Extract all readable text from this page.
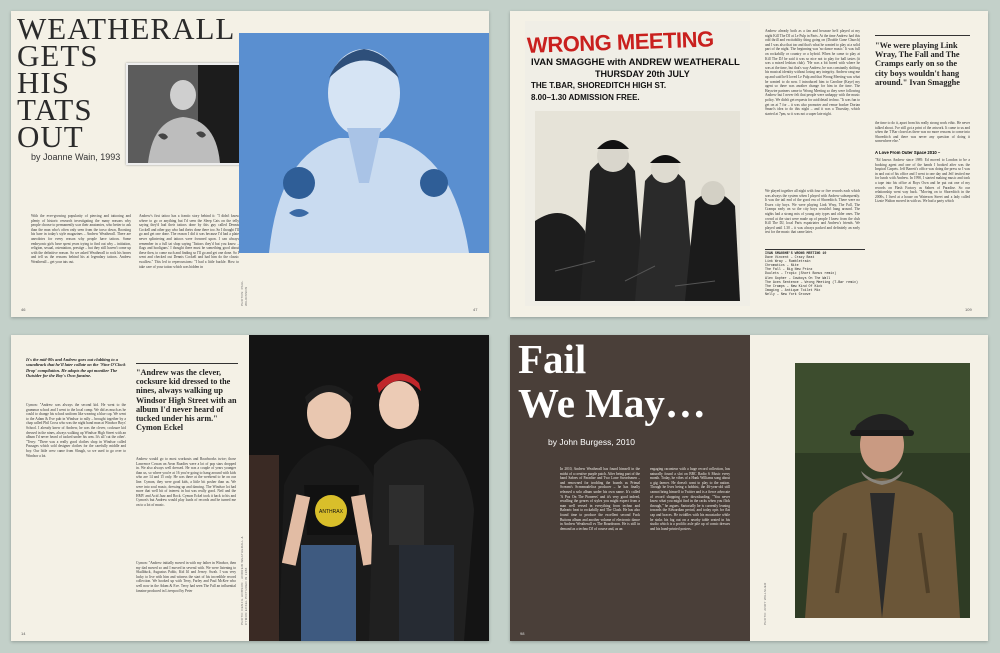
WEATHERALL
GETS
HIS
TATS
OUT
by Joanne Wain, 1993
With the ever-growing popularity of piercing and tattooing and plenty of historic research investigating the many reasons why people choose to permanently scar their anatomies, who better to ask than the man who's often only seen from the torso down, Roosting his bare in today's style magazines – Andrew Weatherall. There are anecdotes for every reason why people have tattoos. Some embryonic girls have spent years trying to find out why – initiation, religion, sexual, ostentation, prestige – but they still haven't come up with the definitive reason. So we asked Weatherall to rock his bones and tell us the reasons behind his at legendary tattoos. Andrew Weatherall – get your tats out.
Andrew's first tattoo has a frantic story behind it: "I didn't know where to go or anything but I'd seen the Sleep Cats on the telly saying they'd had their tattoos done by this guy called Dennis Cockell and other guy who had theirs done there too. So I thought I'll go and get one done. The reason I did it was because I'd had a plate never splintering and tattoos were frowned upon. I can always remember in a full tat shop saying 'Tattoos they'd but you know – flags and hooligans.' I thought there must be something good about these then, to come such and finding so I'll go and get one done. So I went and checked out Dennis Cockell and had him do the classic swallow." This led to repercussions: "I had a little buckle. How to take care of your tattoo which was hidden in
PHOTOS: PAUL WILKINSON
46	47
WRONG MEETING
IVAN SMAGGHE with ANDREW WEATHERALL
THE T.BAR, SHOREDITCH HIGH ST.
THURSDAY 20th JULY
8.00–1.30 ADMISSION FREE.
Andrew already both as a fan and because he'd played at my night Kill The DJ at Le Pulp in Paris. At the time Andrew had this odd thrill and excitability thing going on (Double Gone Church) and I was also that too and that's what he wanted to play at a solid part of the night. The beginning was 'no dance music.' It was full on rockabilly or country or a hybrid. When he came to play at Kill The DJ he said it was so nice not to play for ball tastes (it was a mixed lesbian club). "He was a bit bored with where he was at the time, but that's way Andrew, he was constantly shifting his musical identity without losing any integrity. Andrew rang me up and said he'd loved Le Pulp and that Wrong Meeting was what he wanted to do now. I introduced him to Caroline (Kaye) my agent so there was another change for him in the time. The Haywire partners came to Wrong Meeting so they were following Andrew but I never felt that people were unhappy with the music policy. We didn't get requests for acid/detail techno. "It was fun to get on at 7 for – it was also promoter and venue booker Dorian Smart's idea to do this night – and it was a Thursday, which started at 7pm, so it was not a super late night.
We played together all night with four or five records each which was always the system when I played with Andrew subsequently. It was the tail end of the good era of Shoreditch. There were no Essex city boys. We were playing Link Wray, The Fall, The Cramps early on so the city boys wouldn't hang around. The nights had a strong mix of young arty types and older ones. The crowd at the start were made up of people I knew from the club Kill The DJ, local Paris expatriates and Andrew's friends. We played until 1.30 – it was always packed and definitely an early test for the music that came later.
"We were playing Link Wray, The Fall and The Cramps early on so the city boys wouldn't hang around." Ivan Smagghe
the time to do it, apart from his really strong work ethic. He never talked about. I've still got a print of the artwork. It came to us and when the T Bar closed as there was no more reasons to come into Shoreditch and there was never any question of doing it somewhere else."
A Love From Outer Space 2010 –
"Ed knows Andrew since 1989. Ed moved to London to be a booking agent and one of the bands I booked after was the Inspiral Carpets. Jeff Barrett's office was doing the press so I was in and out of his office and I went to one day and Jeff invited me for lunch with Andrew. In 1990, I started making music and took a tape into his office at Boys Own and he put out one of my records on Flash Factory as Sabres of Paradise. So our relationship went way back. "Moving on to Shoreditch in the 2000s, I lived at a house on Waterson Street and a lady called Lizzie Walton moved in with us. We had a party which
IVAN SMAGGHE'S WRONG MEETING 10
Dave Vincent – Crazy Beat
Link Wray – Rumbletrain
Chromatics – Nite
The Fall – Big New Prinz
Duulets – Tropic (Short Bonus remix)
Alex Gopher – Cowboys On The Wall
The Aces Sentence – Wrong Meeting (T-Bar remix)
The Cramps – New Kind Of Kick
Imaging – Antique Toilet Mix
Nelly – New York Groove
109
It's the mid-80s and Andrew goes out clubbing to a soundtrack that he'll later collate on the 'Nine O'Clock Drop' compilation. He adopts the apt moniker The Outsider for the Boy's Own fanzine.
Cymon: "Andrew was always the second kid. He went to the grammar school and I went to the local comp. We did as much as he could to change his school uniform like wearing a blue cap. We went to the Adam & Eve pub in Windsor to rally – brought together by a chap called Phil Cross who was the night band man at Windsor Boys' School. I already knew of Andrew, he was the clever, cocksure kid dressed in the nines, always walking up Windsor High Street with an album I'd never heard of tucked under his arm. It's all 'cut the other'. "Terry: "There was a really good clothes shop in Windsor called Passages which sold designer clothes for the carefully middle and boy. Our little crew came from Slough, so we used to go over to Windsor a lot.
"Andrew was the clever, cocksure kid dressed to the nines, always walking up Windsor High Street with an album I'd never heard of tucked under his arm." Cymon Eckel
Andrew would go to most workouts and Roadworks twice; those Lawrence Cowan on Avon Roadies were a lot of pop stars dropped in. We also always well dressed. He was a couple of years younger than us, so where you're at 16 you're going to hang around with kids who are 14 and 15 only. He was there at the weekend to be on our line. Cymon, they were good kids, a little bit posher than us. We were into soul music, dressing up and dancing. The Windsor lot had more that well bit of interest in but was really good. Neil and the HMV and Acid Jazz and Rock. Cymon Eckel took it back to his and Cymon's but Andrew would play loads of records and he turned me on to a lot of music.
Cymon: "Andrew initially moved in with my father in Windsor, then my dad moved so and I moved in several with. We were listening to Skullduck, Augustus Pablo, Kid Jil and Jersey. Swah. I was very lucky to live with him and witness the start of his incredible record collection. We hooked up with Terry, Farley and Paul McKee who well now in the Adam & Eve. Terry had seen The Fall an influential fanzine produced in Liverpool by Peter
ANTHRAX
PHOTO: DENZIL HOBSON · ANDREW WEATHERALL & CYMON ECKEL PICTURED IN 1986
14
Fail
We May…
by John Burgess, 2010
In 2010, Andrew Weatherall has found himself in the midst of a creative purple patch. After being part of the band Sabres of Paradise and Two Lone Swordsmen – and renowned for trodding the boards as Primal Scream's Screamadelica producer – he has finally released a solo album under his own name. It's called 'A Pox On The Pioneers' and it's very good indeed, recalling the genres of styles you might expect from a man well versed in everything from techno and Balearic beat to rockabilly and The Clash. He has also found time to produce the excellent second Fuck Buttons album and another volume of electronic dance in Andrew Weatherall vs The Boardroom. He is still in demand as a techno DJ of course and, as an
engaging raconteur with a huge record collection, has naturally found a slot on BBC Radio 6 Music every month. Today, he vibes of a Hank Williams song about a gig farmer. He doesn't want to play to the nation. Though he lives being a hobbist, the 46-year-old still cannot bring himself to Twitter and is a fierce advocate of record shopping over downloading. "You never know what you might find in the racks when you flick through," he argues. Sartorially he is currently leaning towards the Edwardian period, and today opts for flat cap and braces. He twiddles with his moustache while he sinks his fag out on a nearby table seated in his studio which is a prolific axle pile up of comic dresses and his hand-printed posters.
98
PHOTO: ANDY WILLSHER
